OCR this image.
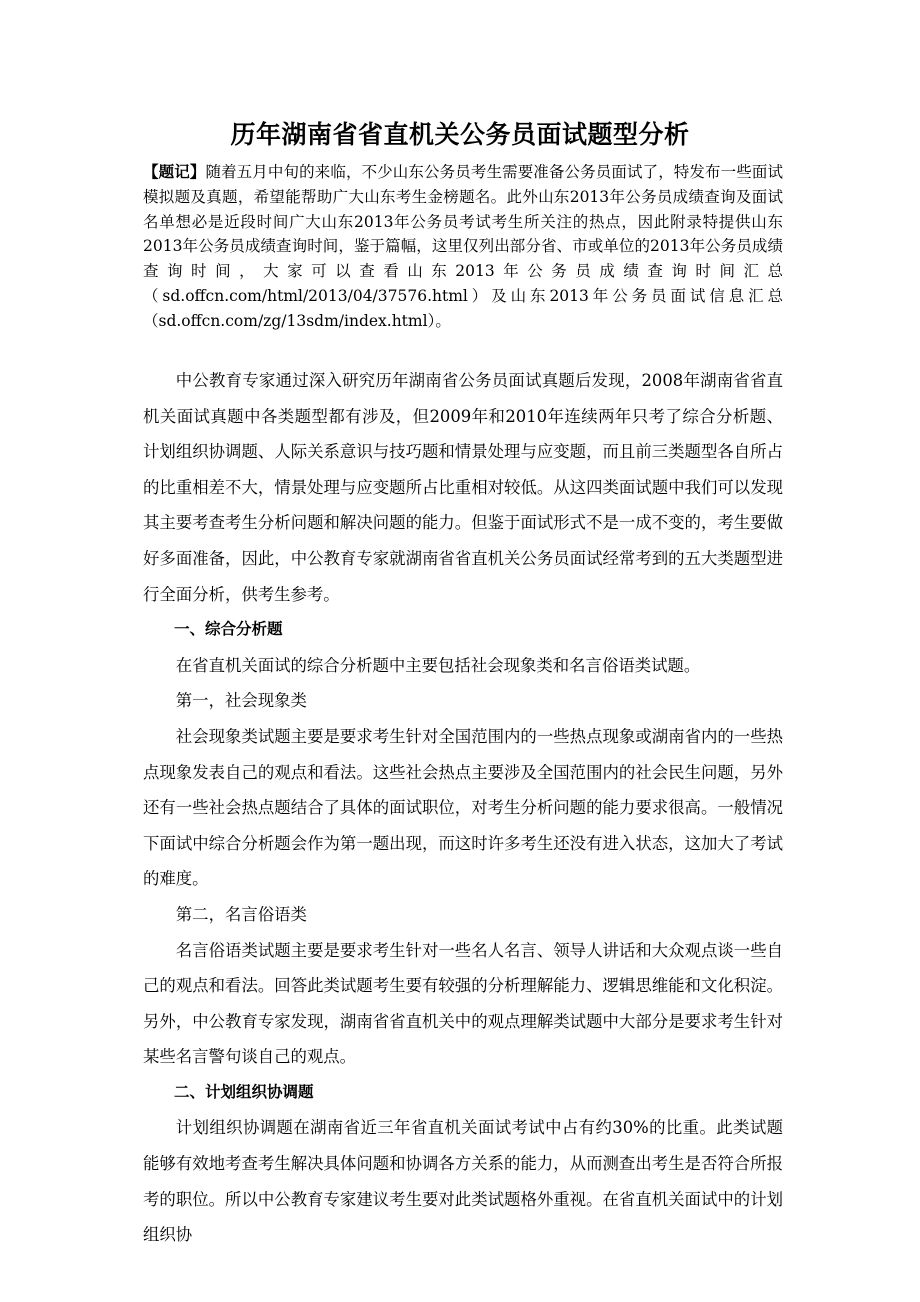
历年湖南省省直机关公务员面试题型分析
【题记】随着五月中旬的来临，不少山东公务员考生需要准备公务员面试了，特发布一些面试模拟题及真题，希望能帮助广大山东考生金榜题名。此外山东2013年公务员成绩查询及面试名单想必是近段时间广大山东2013年公务员考试考生所关注的热点，因此附录特提供山东2013年公务员成绩查询时间，鉴于篇幅，这里仅列出部分省、市或单位的2013年公务员成绩查询时间，大家可以查看山东2013年公务员成绩查询时间汇总（sd.offcn.com/html/2013/04/37576.html）及山东2013年公务员面试信息汇总（sd.offcn.com/zg/13sdm/index.html）。

中公教育专家通过深入研究历年湖南省公务员面试真题后发现，2008年湖南省省直机关面试真题中各类题型都有涉及，但2009年和2010年连续两年只考了综合分析题、计划组织协调题、人际关系意识与技巧题和情景处理与应变题，而且前三类题型各自所占的比重相差不大，情景处理与应变题所占比重相对较低。从这四类面试题中我们可以发现其主要考查考生分析问题和解决问题的能力。但鉴于面试形式不是一成不变的，考生要做好多面准备，因此，中公教育专家就湖南省省直机关公务员面试经常考到的五大类题型进行全面分析，供考生参考。

一、综合分析题

在省直机关面试的综合分析题中主要包括社会现象类和名言俗语类试题。

第一，社会现象类

社会现象类试题主要是要求考生针对全国范围内的一些热点现象或湖南省内的一些热点现象发表自己的观点和看法。这些社会热点主要涉及全国范围内的社会民生问题，另外还有一些社会热点题结合了具体的面试职位，对考生分析问题的能力要求很高。一般情况下面试中综合分析题会作为第一题出现，而这时许多考生还没有进入状态，这加大了考试的难度。

第二，名言俗语类

名言俗语类试题主要是要求考生针对一些名人名言、领导人讲话和大众观点谈一些自己的观点和看法。回答此类试题考生要有较强的分析理解能力、逻辑思维能和文化积淀。另外，中公教育专家发现，湖南省省直机关中的观点理解类试题中大部分是要求考生针对某些名言警句谈自己的观点。

二、计划组织协调题

计划组织协调题在湖南省近三年省直机关面试考试中占有约30%的比重。此类试题能够有效地考查考生解决具体问题和协调各方关系的能力，从而测查出考生是否符合所报考的职位。所以中公教育专家建议考生要对此类试题格外重视。在省直机关面试中的计划组织协
